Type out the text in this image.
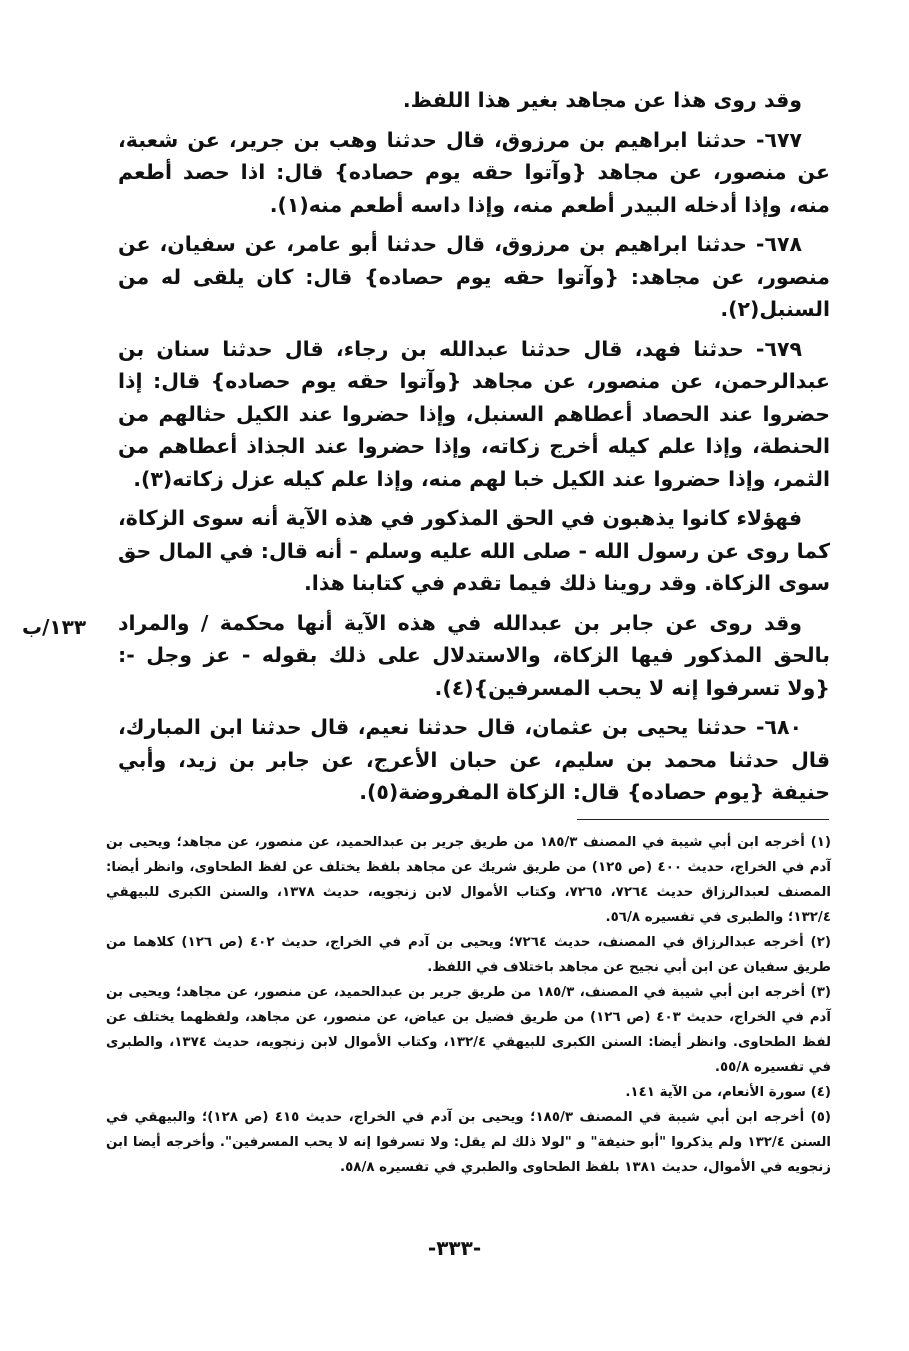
وقد روى هذا عن مجاهد بغير هذا اللفظ.

٦٧٧- حدثنا ابراهيم بن مرزوق، قال حدثنا وهب بن جرير، عن شعبة، عن منصور، عن مجاهد {وآتوا حقه يوم حصاده} قال: اذا حصد أطعم منه، وإذا أدخله البيدر أطعم منه، وإذا داسه أطعم منه(١).

٦٧٨- حدثنا ابراهيم بن مرزوق، قال حدثنا أبو عامر، عن سفيان، عن منصور، عن مجاهد: {وآتوا حقه يوم حصاده} قال: كان يلقى له من السنبل(٢).

٦٧٩- حدثنا فهد، قال حدثنا عبدالله بن رجاء، قال حدثنا سنان بن عبدالرحمن، عن منصور، عن مجاهد {وآتوا حقه يوم حصاده} قال: إذا حضروا عند الحصاد أعطاهم السنبل، وإذا حضروا عند الكيل حثالهم من الحنطة، وإذا علم كيله أخرج زكاته، وإذا حضروا عند الجذاذ أعطاهم من الثمر، وإذا حضروا عند الكيل خبا لهم منه، وإذا علم كيله عزل زكاته(٣).

فهؤلاء كانوا يذهبون في الحق المذكور في هذه الآية أنه سوى الزكاة، كما روى عن رسول الله - صلى الله عليه وسلم - أنه قال: في المال حق سوى الزكاة. وقد روينا ذلك فيما تقدم في كتابنا هذا.

وقد روى عن جابر بن عبدالله في هذه الآية أنها محكمة / والمراد بالحق المذكور فيها الزكاة، والاستدلال على ذلك بقوله - عز وجل -: {ولا تسرفوا إنه لا يحب المسرفين}(٤).

٦٨٠- حدثنا يحيى بن عثمان، قال حدثنا نعيم، قال حدثنا ابن المبارك، قال حدثنا محمد بن سليم، عن حبان الأعرج، عن جابر بن زيد، وأبي حنيفة {يوم حصاده} قال: الزكاة المفروضة(٥).

١٣٣/ب

(١) أخرجه ابن أبي شيبة في المصنف ١٨٥/٣ من طريق جرير بن عبدالحميد، عن منصور، عن مجاهد؛ ويحيى بن آدم في الخراج، حديث ٤٠٠ (ص ١٢٥) من طريق شريك عن مجاهد بلفظ يختلف عن لفظ الطحاوى، وانظر أيضا: المصنف لعبدالرزاق حديث ٧٢٦٤، ٧٢٦٥، وكتاب الأموال لابن زنجويه، حديث ١٣٧٨، والسنن الكبرى للبيهقي ١٣٢/٤؛ والطبرى في تفسيره ٥٦/٨.

(٢) أخرجه عبدالرزاق في المصنف، حديث ٧٢٦٤؛ ويحيى بن آدم في الخراج، حديث ٤٠٢ (ص ١٢٦) كلاهما من طريق سفيان عن ابن أبي نجيح عن مجاهد باختلاف في اللفظ.

(٣) أخرجه ابن أبي شيبة في المصنف، ١٨٥/٣ من طريق جرير بن عبدالحميد، عن منصور، عن مجاهد؛ ويحيى بن آدم في الخراج، حديث ٤٠٣ (ص ١٢٦) من طريق فضيل بن عياض، عن منصور، عن مجاهد، ولفظهما يختلف عن لفظ الطحاوى. وانظر أيضا: السنن الكبرى للبيهقي ١٣٢/٤، وكتاب الأموال لابن زنجويه، حديث ١٣٧٤، والطبرى في تفسيره ٥٥/٨.

(٤) سورة الأنعام، من الآية ١٤١.

(٥) أخرجه ابن أبي شيبة في المصنف ١٨٥/٣؛ ويحيى بن آدم في الخراج، حديث ٤١٥ (ص ١٢٨)؛ والبيهقي في السنن ١٣٢/٤ ولم يذكروا "أبو حنيفة" و "لولا ذلك لم يقل: ولا تسرفوا إنه لا يحب المسرفين". وأخرجه أيضا ابن زنجويه في الأموال، حديث ١٣٨١ بلفظ الطحاوى والطبري في تفسيره ٥٨/٨.

-٣٣٣-
